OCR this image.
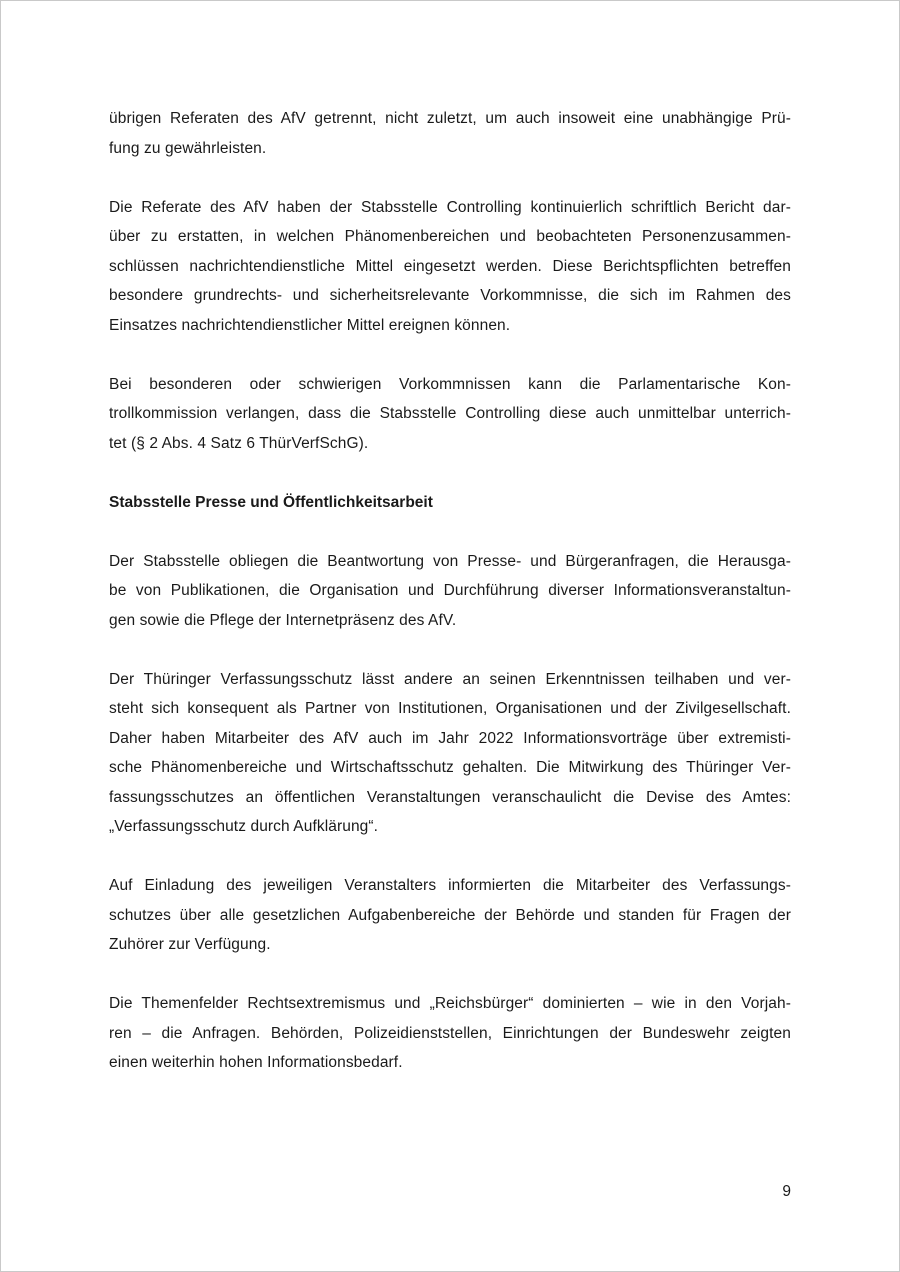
übrigen Referaten des AfV getrennt, nicht zuletzt, um auch insoweit eine unabhängige Prü-
fung zu gewährleisten.
Die Referate des AfV haben der Stabsstelle Controlling kontinuierlich schriftlich Bericht dar-
über zu erstatten, in welchen Phänomenbereichen und beobachteten Personenzusammen-
schlüssen nachrichtendienstliche Mittel eingesetzt werden. Diese Berichtspflichten betreffen
besondere grundrechts- und sicherheitsrelevante Vorkommnisse, die sich im Rahmen des
Einsatzes nachrichtendienstlicher Mittel ereignen können.
Bei besonderen oder schwierigen Vorkommnissen kann die Parlamentarische Kon-
trollkommission verlangen, dass die Stabsstelle Controlling diese auch unmittelbar unterrich-
tet (§ 2 Abs. 4 Satz 6 ThürVerfSchG).
Stabsstelle Presse und Öffentlichkeitsarbeit
Der Stabsstelle obliegen die Beantwortung von Presse- und Bürgeranfragen, die Herausga-
be von Publikationen, die Organisation und Durchführung diverser Informationsveranstaltun-
gen sowie die Pflege der Internetpräsenz des AfV.
Der Thüringer Verfassungsschutz lässt andere an seinen Erkenntnissen teilhaben und ver-
steht sich konsequent als Partner von Institutionen, Organisationen und der Zivilgesellschaft.
Daher haben Mitarbeiter des AfV auch im Jahr 2022 Informationsvorträge über extremisti-
sche Phänomenbereiche und Wirtschaftsschutz gehalten. Die Mitwirkung des Thüringer Ver-
fassungsschutzes an öffentlichen Veranstaltungen veranschaulicht die Devise des Amtes:
„Verfassungsschutz durch Aufklärung“.
Auf Einladung des jeweiligen Veranstalters informierten die Mitarbeiter des Verfassungs-
schutzes über alle gesetzlichen Aufgabenbereiche der Behörde und standen für Fragen der
Zuhörer zur Verfügung.
Die Themenfelder Rechtsextremismus und „Reichsbürger“ dominierten – wie in den Vorjah-
ren – die Anfragen. Behörden, Polizeidienststellen, Einrichtungen der Bundeswehr zeigten
einen weiterhin hohen Informationsbedarf.
9
